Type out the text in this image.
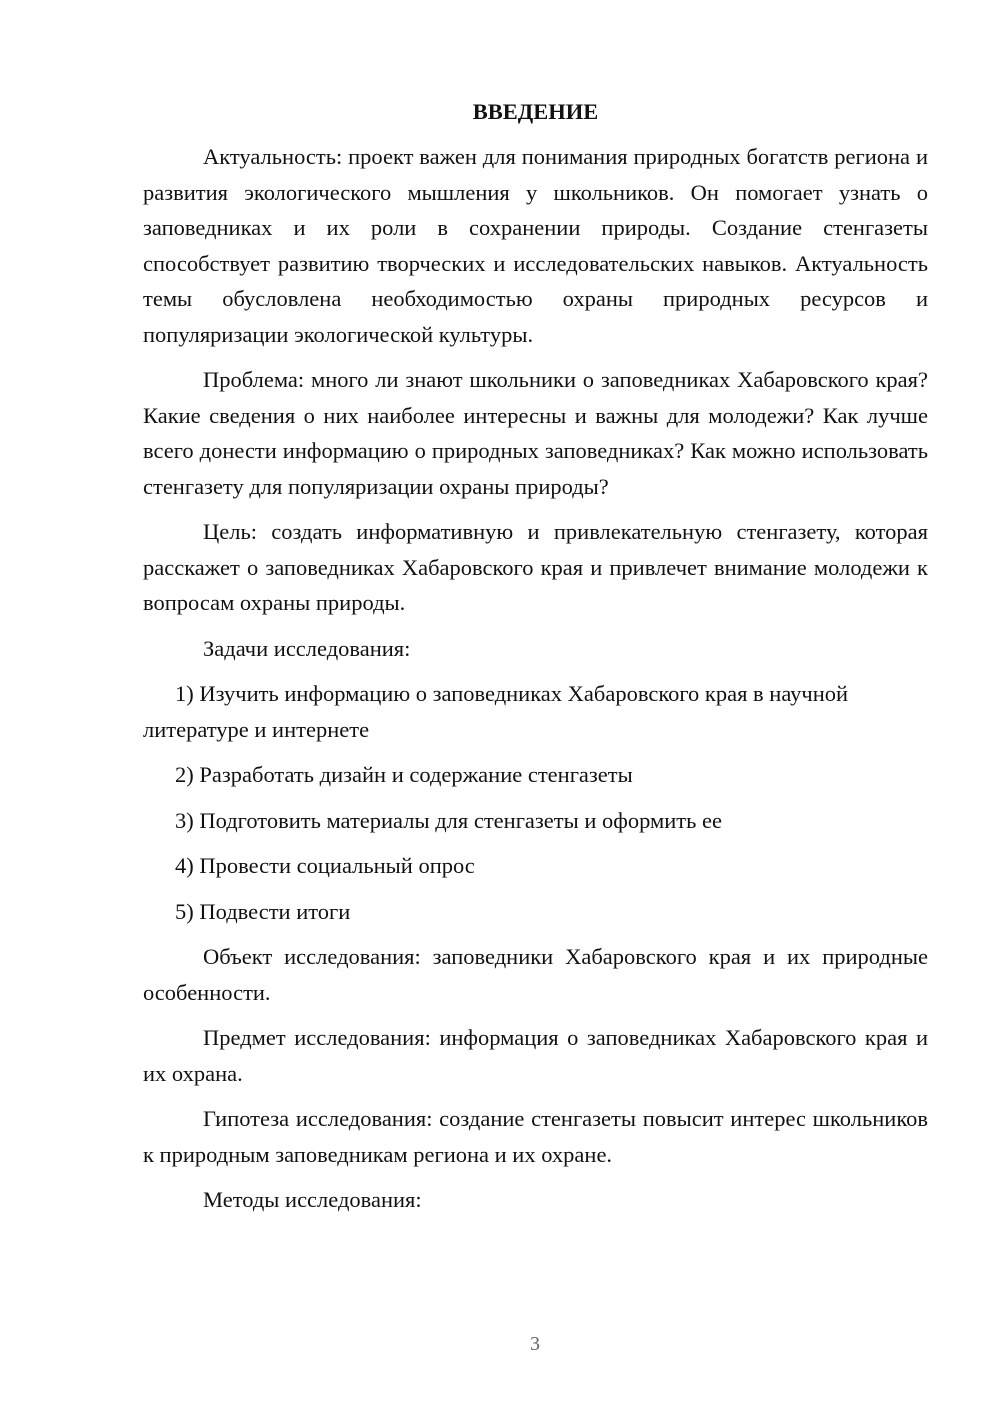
ВВЕДЕНИЕ

Актуальность: проект важен для понимания природных богатств региона и развития экологического мышления у школьников. Он помогает узнать о заповедниках и их роли в сохранении природы. Создание стенгазеты способствует развитию творческих и исследовательских навыков. Актуальность темы обусловлена необходимостью охраны природных ресурсов и популяризации экологической культуры.

Проблема: много ли знают школьники о заповедниках Хабаровского края? Какие сведения о них наиболее интересны и важны для молодежи? Как лучше всего донести информацию о природных заповедниках? Как можно использовать стенгазету для популяризации охраны природы?

Цель: создать информативную и привлекательную стенгазету, которая расскажет о заповедниках Хабаровского края и привлечет внимание молодежи к вопросам охраны природы.

Задачи исследования:

1) Изучить информацию о заповедниках Хабаровского края в научной литературе и интернете

2) Разработать дизайн и содержание стенгазеты

3) Подготовить материалы для стенгазеты и оформить ее

4) Провести социальный опрос

5) Подвести итоги

Объект исследования: заповедники Хабаровского края и их природные особенности.

Предмет исследования: информация о заповедниках Хабаровского края и их охрана.

Гипотеза исследования: создание стенгазеты повысит интерес школьников к природным заповедникам региона и их охране.

Методы исследования:

3
